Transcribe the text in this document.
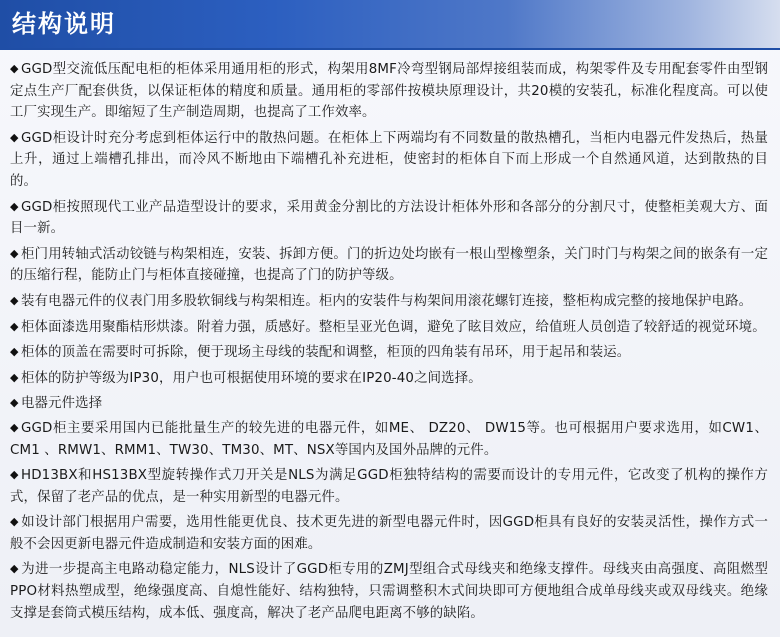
结构说明

◆ GGD型交流低压配电柜的柜体采用通用柜的形式，构架用8MF冷弯型钢局部焊接组装而成，构架零件及专用配套零件由型钢定点生产厂配套供货，以保证柜体的精度和质量。通用柜的零部件按模块原理设计，共20模的安装孔，标准化程度高。可以使工厂实现生产。即缩短了生产制造周期，也提高了工作效率。

◆ GGD柜设计时充分考虑到柜体运行中的散热问题。在柜体上下两端均有不同数量的散热槽孔，当柜内电器元件发热后，热量上升，通过上端槽孔排出，而冷风不断地由下端槽孔补充进柜，使密封的柜体自下而上形成一个自然通风道，达到散热的目的。

◆ GGD柜按照现代工业产品造型设计的要求，采用黄金分割比的方法设计柜体外形和各部分的分割尺寸，使整柜美观大方、面目一新。

◆ 柜门用转轴式活动铰链与构架相连，安装、拆卸方便。门的折边处均嵌有一根山型橡塑条，关门时门与构架之间的嵌条有一定的压缩行程，能防止门与柜体直接碰撞，也提高了门的防护等级。

◆ 装有电器元件的仪表门用多股软铜线与构架相连。柜内的安装件与构架间用滚花螺钉连接，整柜构成完整的接地保护电路。

◆ 柜体面漆选用聚酯桔形烘漆。附着力强，质感好。整柜呈亚光色调，避免了眩目效应，给值班人员创造了较舒适的视觉环境。

◆ 柜体的顶盖在需要时可拆除，便于现场主母线的装配和调整，柜顶的四角装有吊环，用于起吊和装运。

◆ 柜体的防护等级为IP30，用户也可根据使用环境的要求在IP20-40之间选择。

◆ 电器元件选择

◆ GGD柜主要采用国内已能批量生产的较先进的电器元件，如ME、 DZ20、 DW15等。也可根据用户要求选用，如CW1、CM1 、RMW1、RMM1、TW30、TM30、MT、NSX等国内及国外品牌的元件。

◆ HD13BX和HS13BX型旋转操作式刀开关是NLS为满足GGD柜独特结构的需要而设计的专用元件，它改变了机构的操作方式，保留了老产品的优点，是一种实用新型的电器元件。

◆ 如设计部门根据用户需要，选用性能更优良、技术更先进的新型电器元件时，因GGD柜具有良好的安装灵活性，操作方式一般不会因更新电器元件造成制造和安装方面的困难。

◆ 为进一步提高主电路动稳定能力，NLS设计了GGD柜专用的ZMJ型组合式母线夹和绝缘支撑件。母线夹由高强度、高阻燃型PPO材料热塑成型，绝缘强度高、自熄性能好、结构独特，只需调整积木式间块即可方便地组合成单母线夹或双母线夹。绝缘支撑是套筒式模压结构，成本低、强度高，解决了老产品爬电距离不够的缺陷。
